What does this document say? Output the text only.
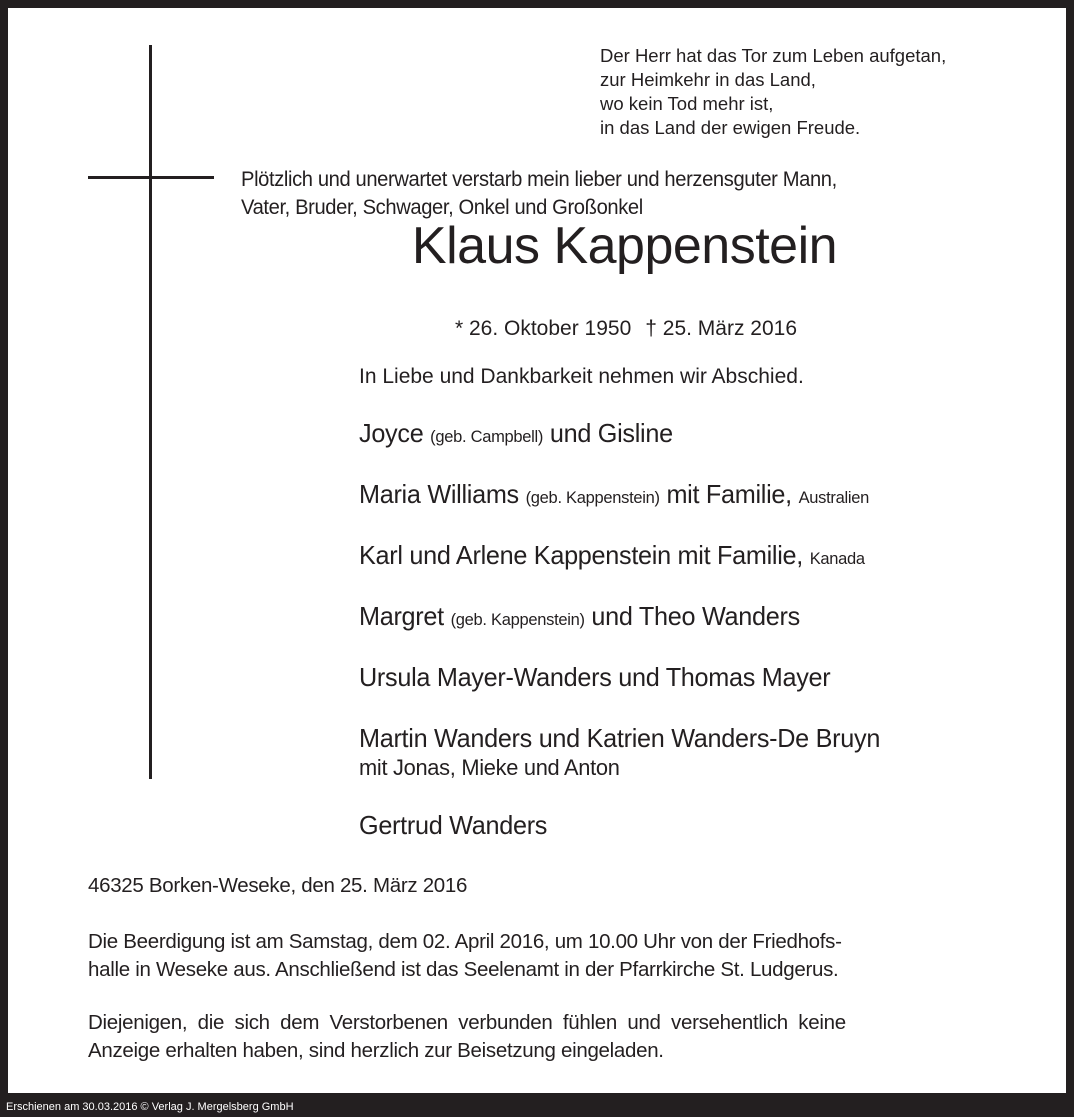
Der Herr hat das Tor zum Leben aufgetan,
zur Heimkehr in das Land,
wo kein Tod mehr ist,
in das Land der ewigen Freude.
Plötzlich und unerwartet verstarb mein lieber und herzensguter Mann,
Vater, Bruder, Schwager, Onkel und Großonkel
Klaus Kappenstein
* 26. Oktober 1950 † 25. März 2016
In Liebe und Dankbarkeit nehmen wir Abschied.
Joyce (geb. Campbell) und Gisline
Maria Williams (geb. Kappenstein) mit Familie, Australien
Karl und Arlene Kappenstein mit Familie, Kanada
Margret (geb. Kappenstein) und Theo Wanders
Ursula Mayer-Wanders und Thomas Mayer
Martin Wanders und Katrien Wanders-De Bruyn
mit Jonas, Mieke und Anton
Gertrud Wanders
46325 Borken-Weseke, den 25. März 2016
Die Beerdigung ist am Samstag, dem 02. April 2016, um 10.00 Uhr von der Friedhofs-
halle in Weseke aus. Anschließend ist das Seelenamt in der Pfarrkirche St. Ludgerus.
Diejenigen, die sich dem Verstorbenen verbunden fühlen und versehentlich keine
Anzeige erhalten haben, sind herzlich zur Beisetzung eingeladen.
Erschienen am 30.03.2016 © Verlag J. Mergelsberg GmbH
